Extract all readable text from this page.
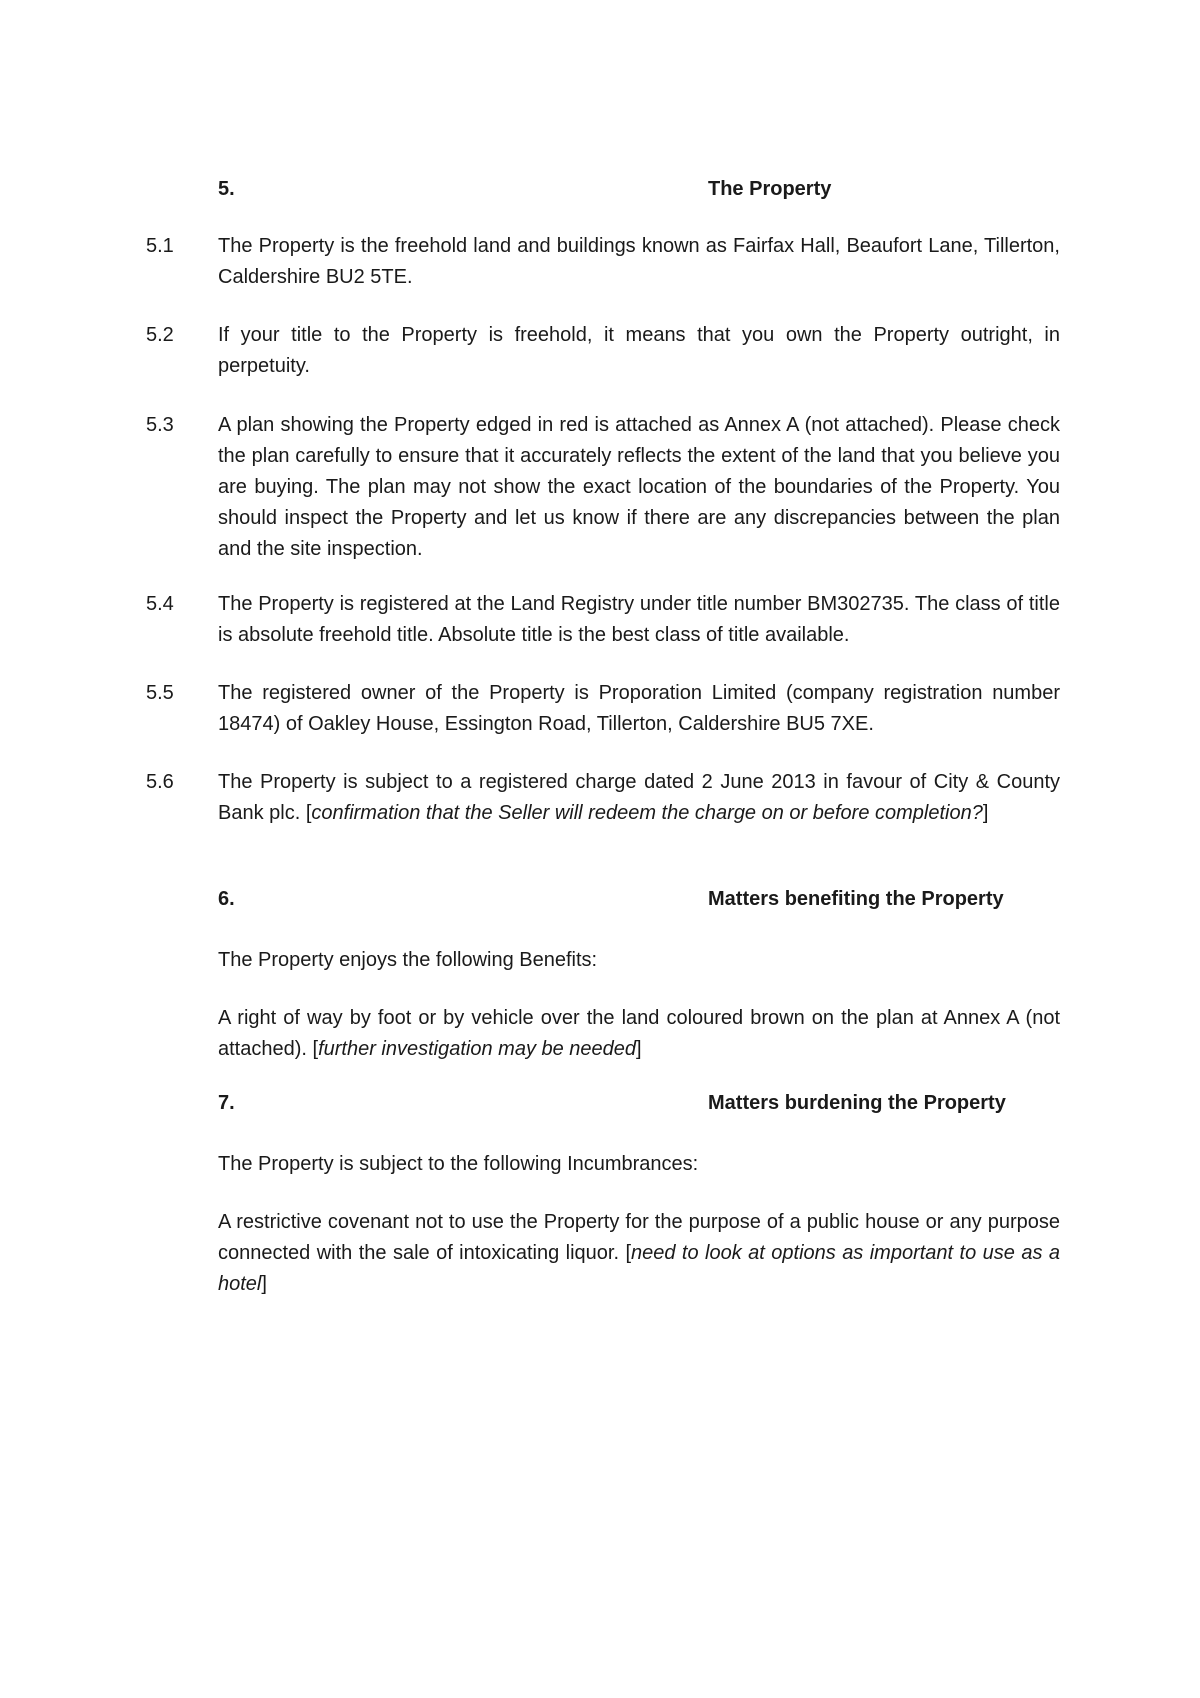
5.	The Property
5.1 The Property is the freehold land and buildings known as Fairfax Hall, Beaufort Lane, Tillerton, Caldershire BU2 5TE.
5.2 If your title to the Property is freehold, it means that you own the Property outright, in perpetuity.
5.3 A plan showing the Property edged in red is attached as Annex A (not attached). Please check the plan carefully to ensure that it accurately reflects the extent of the land that you believe you are buying. The plan may not show the exact location of the boundaries of the Property. You should inspect the Property and let us know if there are any discrepancies between the plan and the site inspection.
5.4 The Property is registered at the Land Registry under title number BM302735. The class of title is absolute freehold title. Absolute title is the best class of title available.
5.5 The registered owner of the Property is Proporation Limited (company registration number 18474) of Oakley House, Essington Road, Tillerton, Caldershire BU5 7XE.
5.6 The Property is subject to a registered charge dated 2 June 2013 in favour of City & County Bank plc. [confirmation that the Seller will redeem the charge on or before completion?]
6.	Matters benefiting the Property
The Property enjoys the following Benefits:
A right of way by foot or by vehicle over the land coloured brown on the plan at Annex A (not attached). [further investigation may be needed]
7.	Matters burdening the Property
The Property is subject to the following Incumbrances:
A restrictive covenant not to use the Property for the purpose of a public house or any purpose connected with the sale of intoxicating liquor. [need to look at options as important to use as a hotel]
